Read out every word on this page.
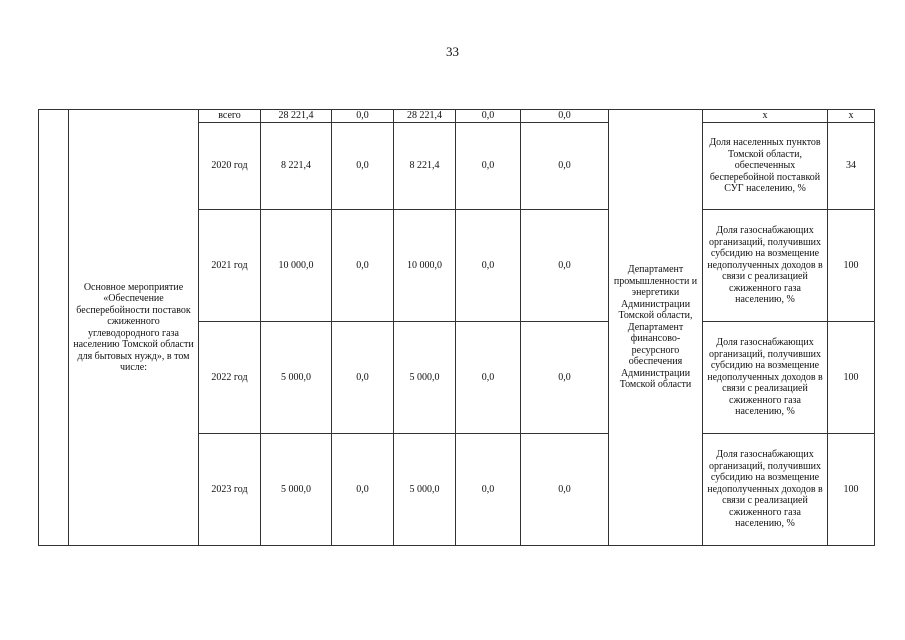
33
	Основное мероприятие «Обеспечение бесперебойности поставок сжиженного углеводородного газа населению Томской области для бытовых нужд», в том числе:	всего	28 221,4	0,0	28 221,4	0,0	0,0	Департамент промышленности и энергетики Администрации Томской области, Департамент финансово-ресурсного обеспечения Администрации Томской области	х	х
		2020 год	8 221,4	0,0	8 221,4	0,0	0,0		Доля населенных пунктов Томской области, обеспеченных бесперебойной поставкой СУГ населению, %	34
		2021 год	10 000,0	0,0	10 000,0	0,0	0,0		Доля газоснабжающих организаций, получивших субсидию на возмещение недополученных доходов в связи с реализацией сжиженного газа населению, %	100
		2022 год	5 000,0	0,0	5 000,0	0,0	0,0		Доля газоснабжающих организаций, получивших субсидию на возмещение недополученных доходов в связи с реализацией сжиженного газа населению, %	100
		2023 год	5 000,0	0,0	5 000,0	0,0	0,0		Доля газоснабжающих организаций, получивших субсидию на возмещение недополученных доходов в связи с реализацией сжиженного газа населению, %	100
